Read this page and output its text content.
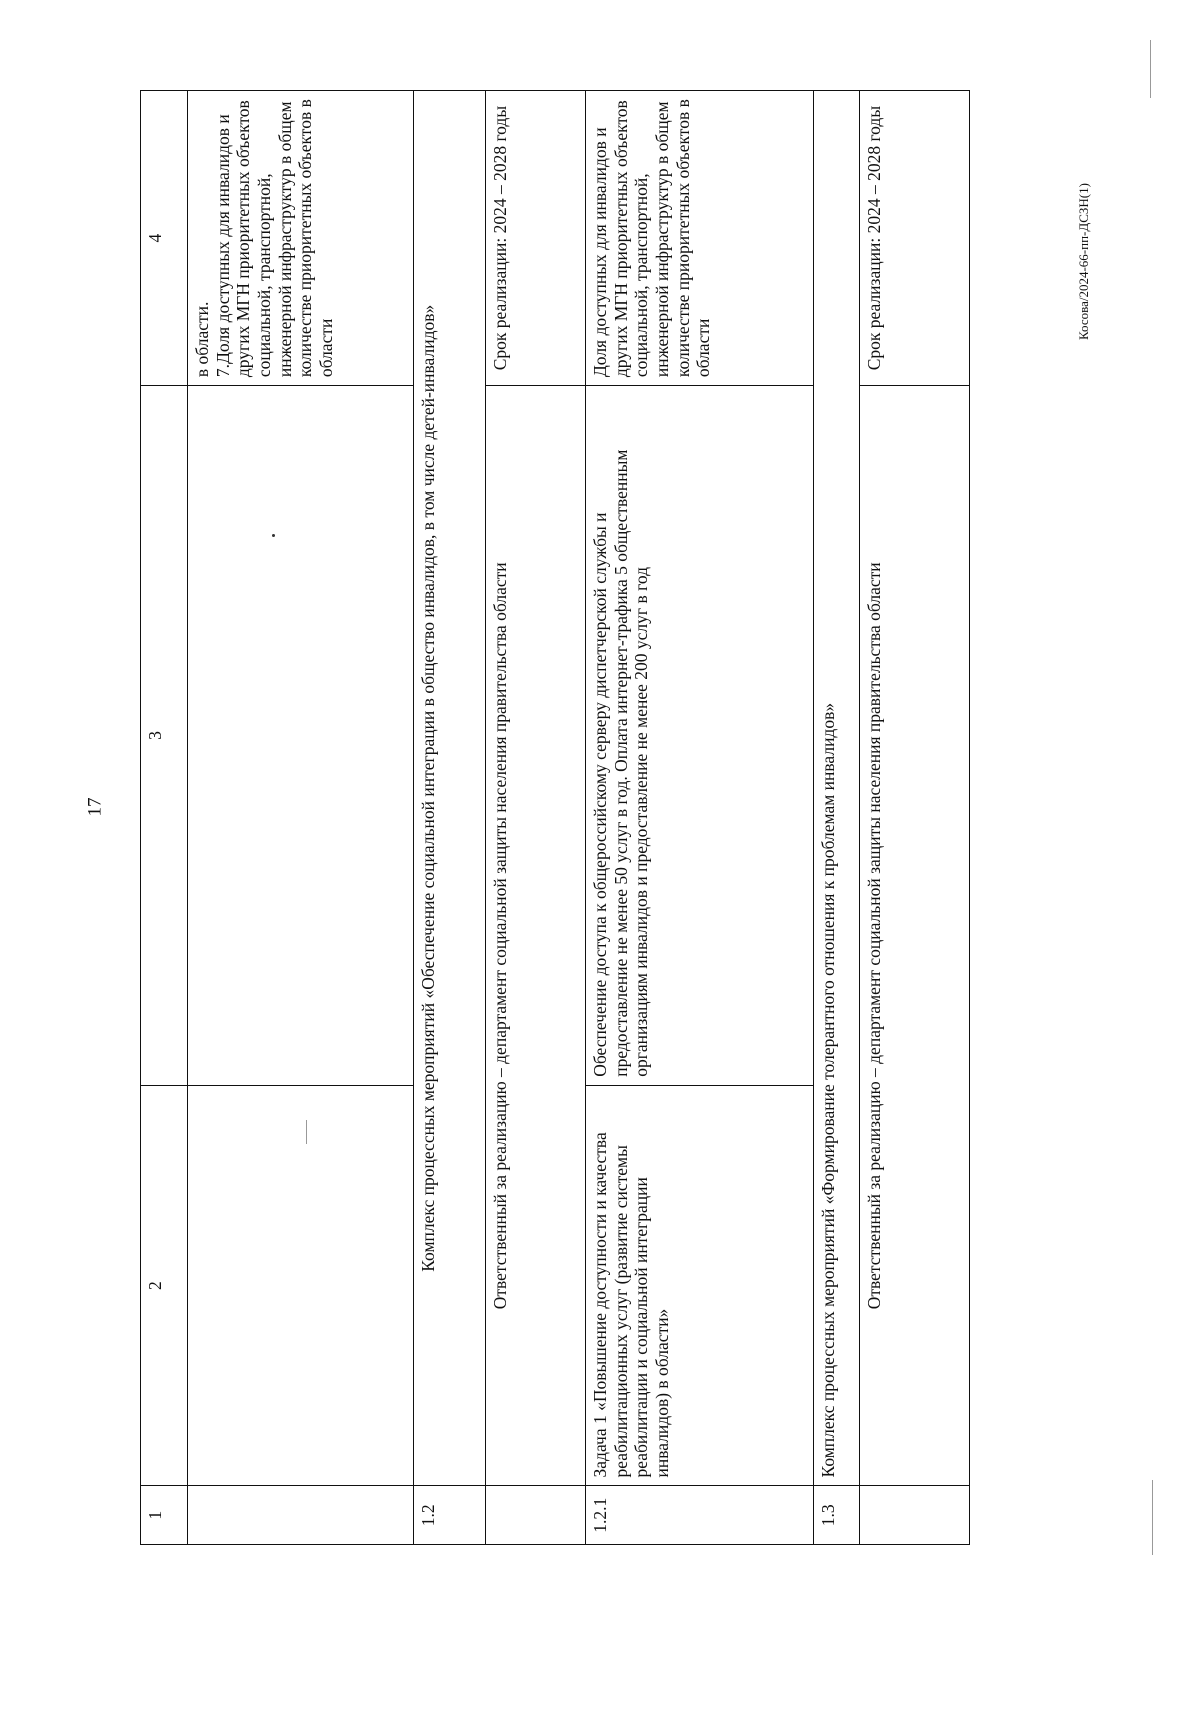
17
Косова/2024-66-пп-ДСЗН(1)
1	2	3	4
			в области.
7.Доля доступных для инвалидов и других МГН приоритетных объектов социальной, транспортной, инженерной инфраструктур в общем количестве приоритетных объектов в области
1.2	Комплекс процессных мероприятий «Обеспечение социальной интеграции в общество инвалидов, в том числе детей-инвалидов»		
	Ответственный за реализацию – департамент социальной защиты населения правительства области		Срок реализации: 2024 – 2028 годы
1.2.1	Задача 1 «Повышение доступности и качества реабилитационных услуг (развитие системы реабилитации и социальной интеграции инвалидов) в области»	Обеспечение доступа к общероссийскому серверу диспетчерской службы и предоставление не менее 50 услуг в год. Оплата интернет-трафика 5 общественным организациям инвалидов и предоставление не менее 200 услуг в год	Доля доступных для инвалидов и других МГН приоритетных объектов социальной, транспортной, инженерной инфраструктур в общем количестве приоритетных объектов в области
1.3	Комплекс процессных мероприятий «Формирование толерантного отношения к проблемам инвалидов»		
	Ответственный за реализацию – департамент социальной защиты населения правительства области		Срок реализации: 2024 – 2028 годы
